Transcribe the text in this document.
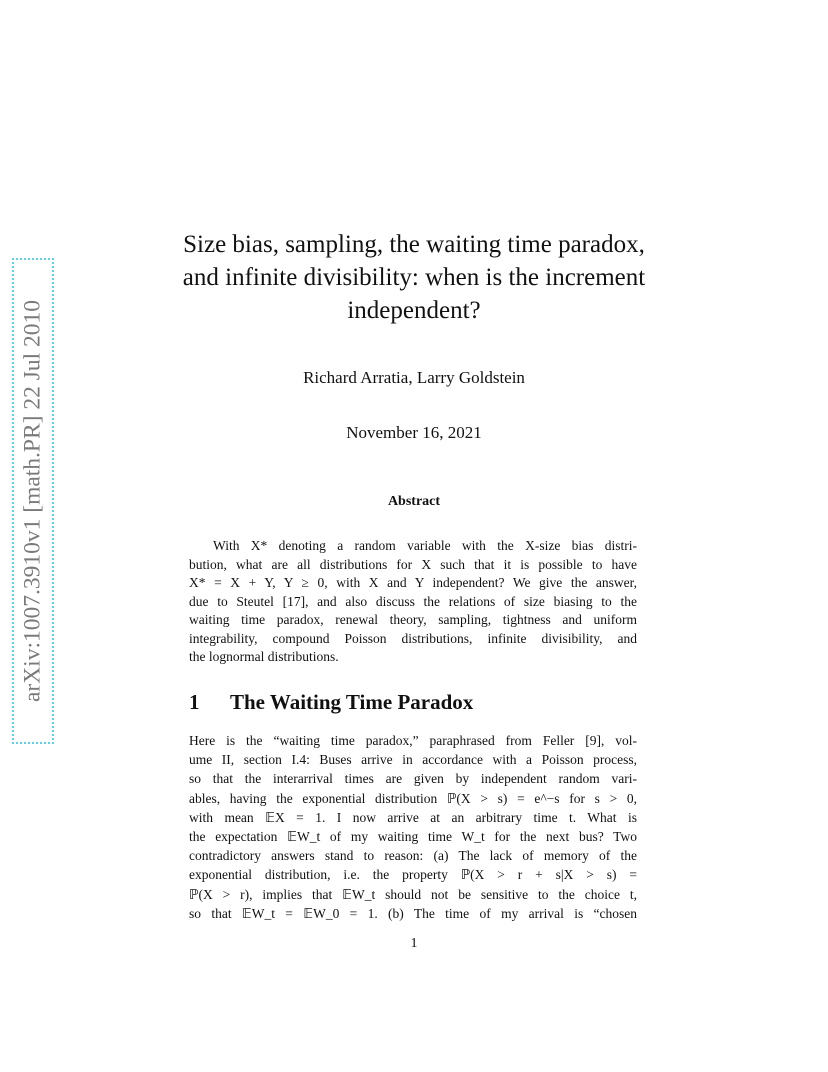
arXiv:1007.3910v1 [math.PR] 22 Jul 2010
Size bias, sampling, the waiting time paradox,
and infinite divisibility: when is the increment
independent?
Richard Arratia, Larry Goldstein
November 16, 2021
Abstract
With X* denoting a random variable with the X-size bias distri-
bution, what are all distributions for X such that it is possible to have
X* = X + Y, Y ≥ 0, with X and Y independent? We give the answer,
due to Steutel [17], and also discuss the relations of size biasing to the
waiting time paradox, renewal theory, sampling, tightness and uniform
integrability, compound Poisson distributions, infinite divisibility, and
the lognormal distributions.
1 The Waiting Time Paradox
Here is the “waiting time paradox,” paraphrased from Feller [9], vol-
ume II, section I.4: Buses arrive in accordance with a Poisson process,
so that the interarrival times are given by independent random vari-
ables, having the exponential distribution ℙ(X > s) = e^−s for s > 0,
with mean 𝔼X = 1. I now arrive at an arbitrary time t. What is
the expectation 𝔼W_t of my waiting time W_t for the next bus? Two
contradictory answers stand to reason: (a) The lack of memory of the
exponential distribution, i.e. the property ℙ(X > r + s|X > s) =
ℙ(X > r), implies that 𝔼W_t should not be sensitive to the choice t,
so that 𝔼W_t = 𝔼W_0 = 1. (b) The time of my arrival is “chosen
1
